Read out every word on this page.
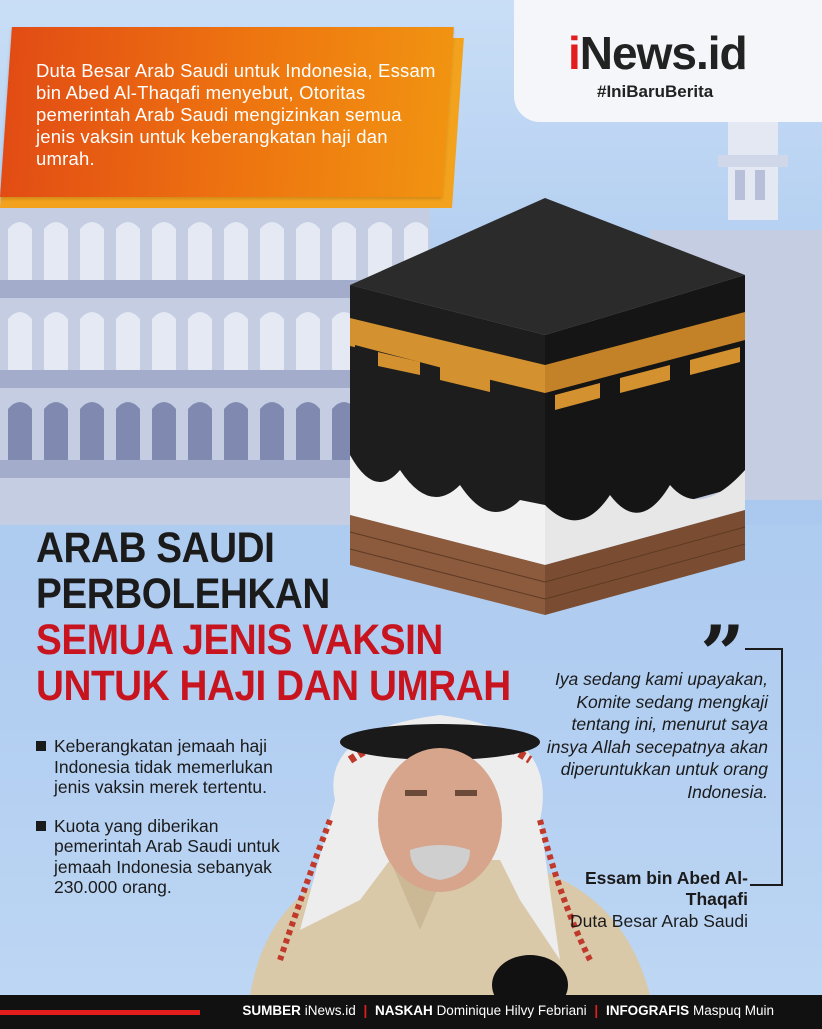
Duta Besar Arab Saudi untuk Indonesia, Essam bin Abed Al-Thaqafi menyebut, Otoritas pemerintah Arab Saudi mengizinkan semua jenis vaksin untuk keberangkatan haji dan umrah.

iNews.id
#IniBaruBerita
ARAB SAUDI
PERBOLEHKAN
SEMUA JENIS VAKSIN
UNTUK HAJI DAN UMRAH

Keberangkatan jemaah haji Indonesia tidak memerlukan jenis vaksin merek tertentu.

Kuota yang diberikan pemerintah Arab Saudi untuk jemaah Indonesia sebanyak 230.000 orang.

”

Iya sedang kami upayakan, Komite sedang mengkaji tentang ini, menurut saya insya Allah secepatnya akan diperuntukkan untuk orang Indonesia.

Essam bin Abed Al-Thaqafi

Duta Besar Arab Saudi

SUMBER iNews.id | NASKAH Dominique Hilvy Febriani | INFOGRAFIS Maspuq Muin
